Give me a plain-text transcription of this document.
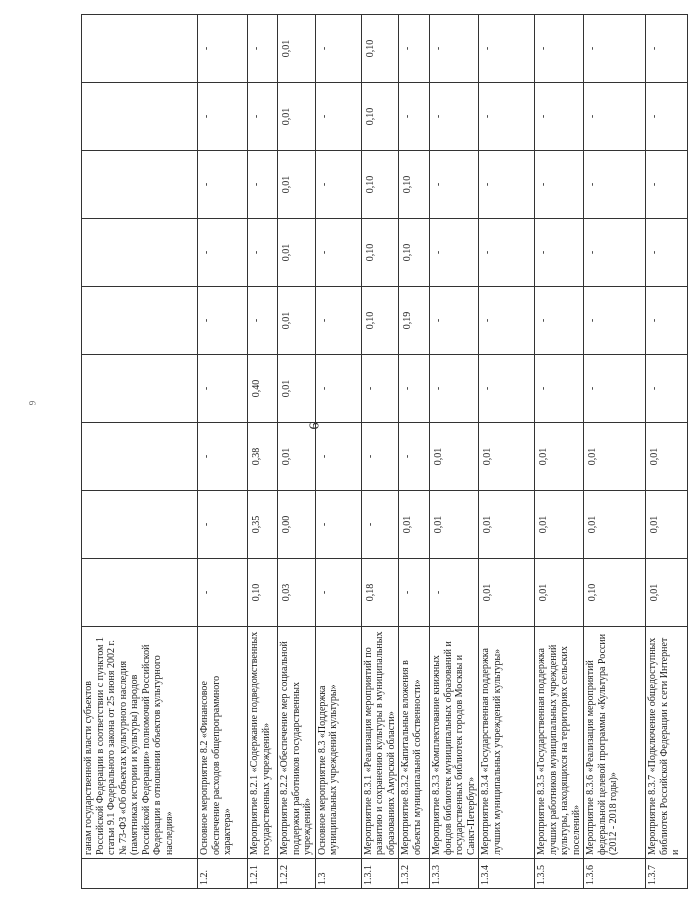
6
9
	ганам государственной власти субъектов Российской Федерации в соответствии с пунктом 1 статьи 9.1 Федерального закона от 25 июня 2002 г. № 73-ФЗ «Об объектах культурного наследия (памятниках истории и культуры) народов Российской Федерации» полномочий Российской Федерации в отношении объектов культурного наследия»									
1.2.	Основное мероприятие 8.2 «Финансовое обеспечение расходов общепрограммного характера»	-	-	-	-	-	-	-	-	-
1.2.1	Мероприятие 8.2.1 «Содержание подведомственных государственных учреждений»	0,10	0,35	0,38	0,40	-	-	-	-	-
1.2.2	Мероприятие 8.2.2 «Обеспечение мер социальной поддержки работников государственных учреждений»	0,03	0,00	0,01	0,01	0,01	0,01	0,01	0,01	0,01
1.3	Основное мероприятие 8.3 «Поддержка муниципальных учреждений культуры»	-	-	-	-	-	-	-	-	-
1.3.1	Мероприятие 8.3.1 «Реализация мероприятий по развитию и сохранению культуры в муниципальных образованиях Амурской области»	0,18	-	-	-	0,10	0,10	0,10	0,10	0,10
1.3.2	Мероприятие 8.3.2 «Капитальные вложения в объекты муниципальной собственности»	-	0,01	-	-	0,19	0,10	0,10	-	-
1.3.3	Мероприятие 8.3.3 «Комплектование книжных фондов библиотек муниципальных образований и государственных библиотек городов Москвы и Санкт-Петербург»	-	0,01	0,01	-	-	-	-	-	-
1.3.4	Мероприятие 8.3.4 «Государственная поддержка лучших муниципальных учреждений культуры»	0,01	0,01	0,01	-	-	-	-	-	-
1.3.5	Мероприятие 8.3.5 «Государственная поддержка лучших работников муниципальных учреждений культуры, находящихся на территориях сельских поселений»	0,01	0,01	0,01	-	-	-	-	-	-
1.3.6	Мероприятие 8.3.6 «Реализация мероприятий федеральной целевой программы «Культура России (2012 - 2018 годы)»	0,10	0,01	0,01	-	-	-	-	-	-
1.3.7	Мероприятие 8.3.7 «Подключение общедоступных библиотек Российской Федерации к сети Интернет и	0,01	0,01	0,01	-	-	-	-	-	-
